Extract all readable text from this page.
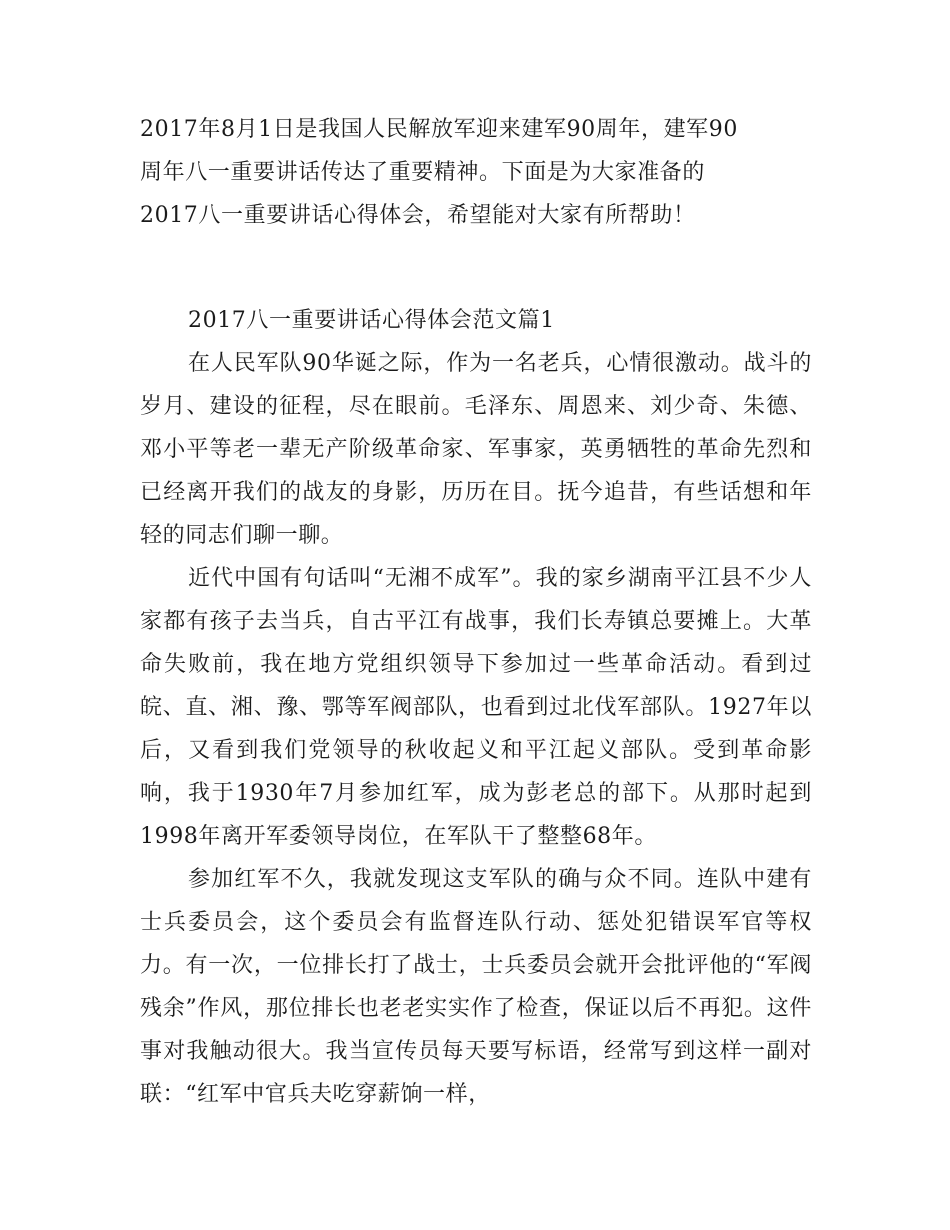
2017年8月1日是我国人民解放军迎来建军90周年，建军90
周年八一重要讲话传达了重要精神。下面是为大家准备的
2017八一重要讲话心得体会，希望能对大家有所帮助！

2017八一重要讲话心得体会范文篇1

在人民军队90华诞之际，作为一名老兵，心情很激动。战斗的岁月、建设的征程，尽在眼前。毛泽东、周恩来、刘少奇、朱德、邓小平等老一辈无产阶级革命家、军事家，英勇牺牲的革命先烈和已经离开我们的战友的身影，历历在目。抚今追昔，有些话想和年轻的同志们聊一聊。

近代中国有句话叫“无湘不成军”。我的家乡湖南平江县不少人家都有孩子去当兵，自古平江有战事，我们长寿镇总要摊上。大革命失败前，我在地方党组织领导下参加过一些革命活动。看到过皖、直、湘、豫、鄂等军阀部队，也看到过北伐军部队。1927年以后，又看到我们党领导的秋收起义和平江起义部队。受到革命影响，我于1930年7月参加红军，成为彭老总的部下。从那时起到1998年离开军委领导岗位，在军队干了整整68年。

参加红军不久，我就发现这支军队的确与众不同。连队中建有士兵委员会，这个委员会有监督连队行动、惩处犯错误军官等权力。有一次，一位排长打了战士，士兵委员会就开会批评他的“军阀残余”作风，那位排长也老老实实作了检查，保证以后不再犯。这件事对我触动很大。我当宣传员每天要写标语，经常写到这样一副对联：“红军中官兵夫吃穿薪饷一样，
